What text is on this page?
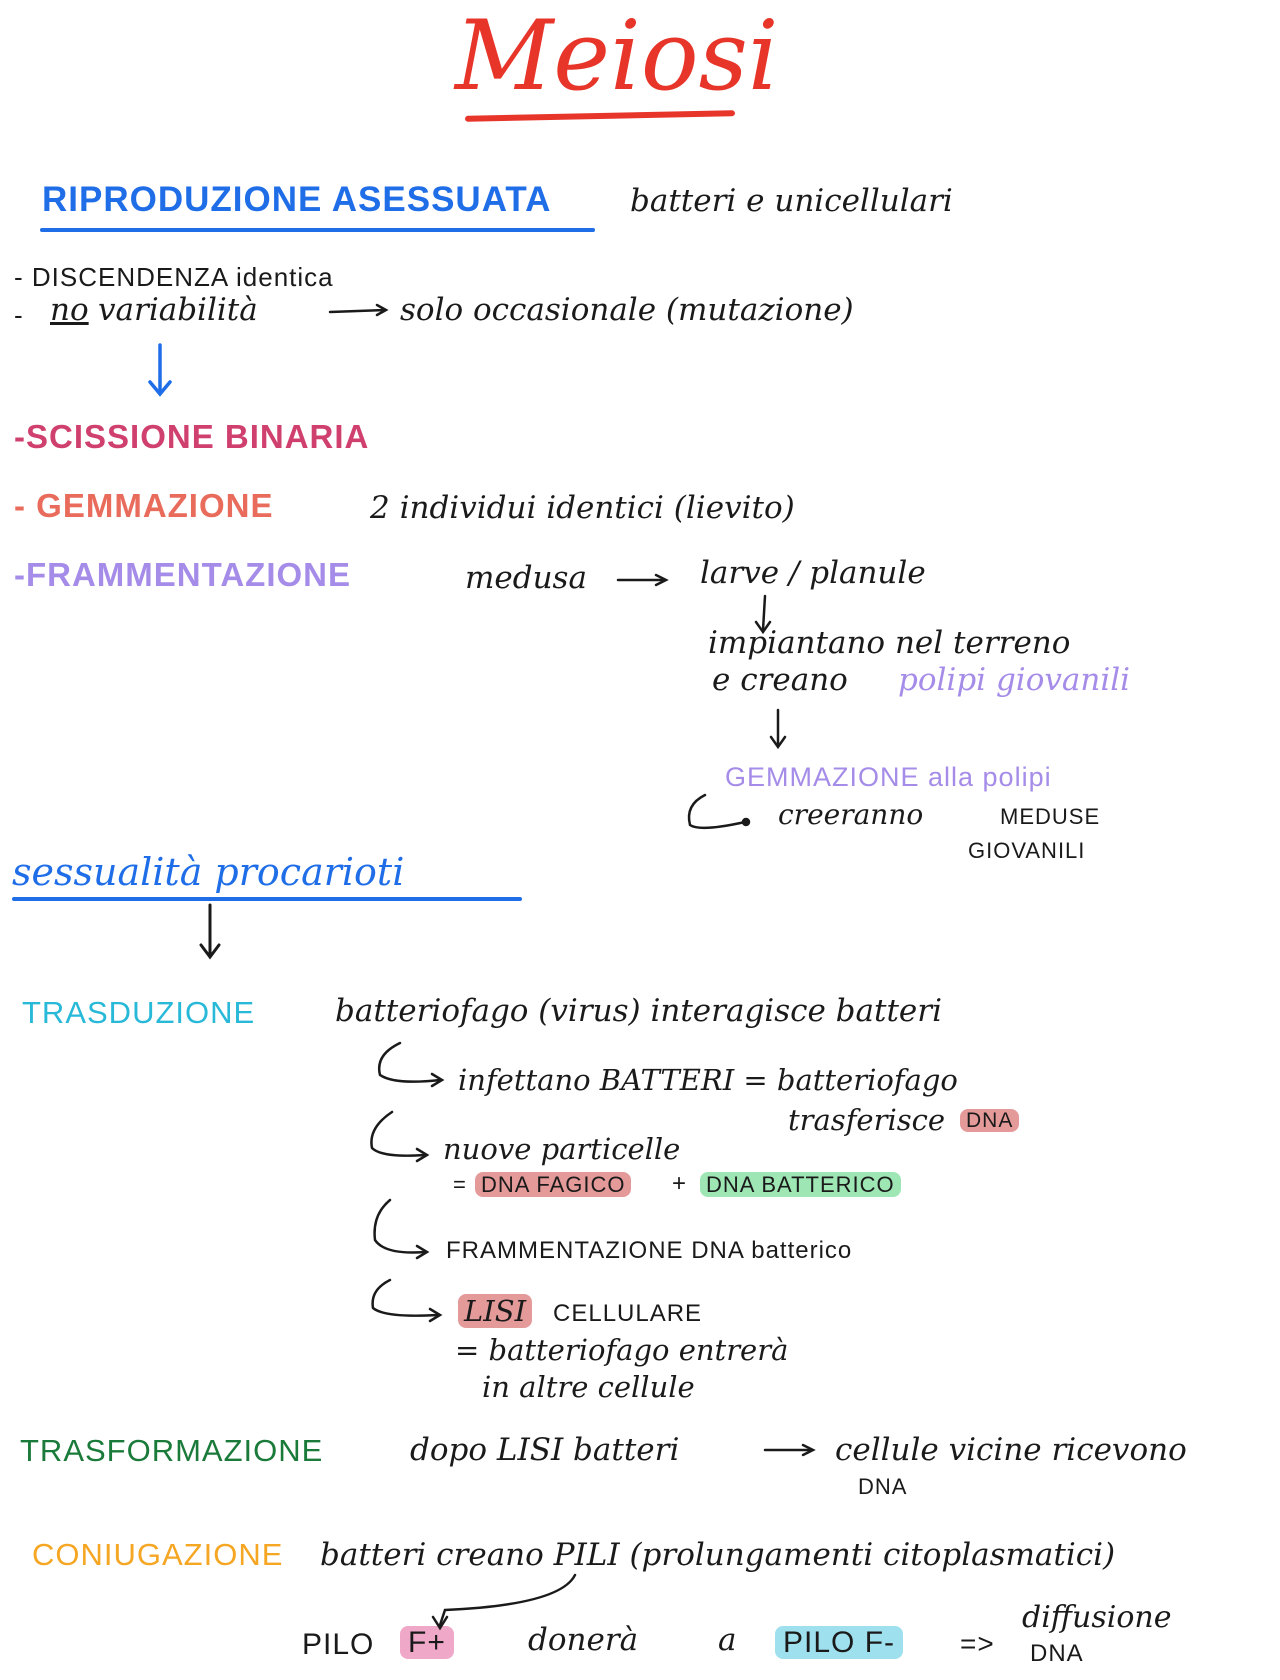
Meiosi
RIPRODUZIONE ASESSUATA	batteri e unicellulari
- DISCENDENZA identica
- no variabilità	solo occasionale (mutazione)
-SCISSIONE BINARIA
- GEMMAZIONE	2 individui identici (lievito)
-FRAMMENTAZIONE	medusa	larve / planule
impiantano nel terreno
e creano polipi giovanili
GEMMAZIONE alla polipi
creeranno	MEDUSE
GIOVANILI
sessualità procarioti
TRASDUZIONE	batteriofago (virus) interagisce batteri
infettano BATTERI = batteriofago
trasferisce DNA
nuove particelle
= DNA FAGICO + DNA BATTERICO
FRAMMENTAZIONE DNA batterico
LISI CELLULARE
= batteriofago entrerà
in altre cellule
TRASFORMAZIONE	dopo LISI batteri	cellule vicine ricevono
DNA
CONIUGAZIONE batteri creano PILI (prolungamenti citoplasmatici)
PILO F+	donerà	a PILO F- =>
diffusione
DNA
